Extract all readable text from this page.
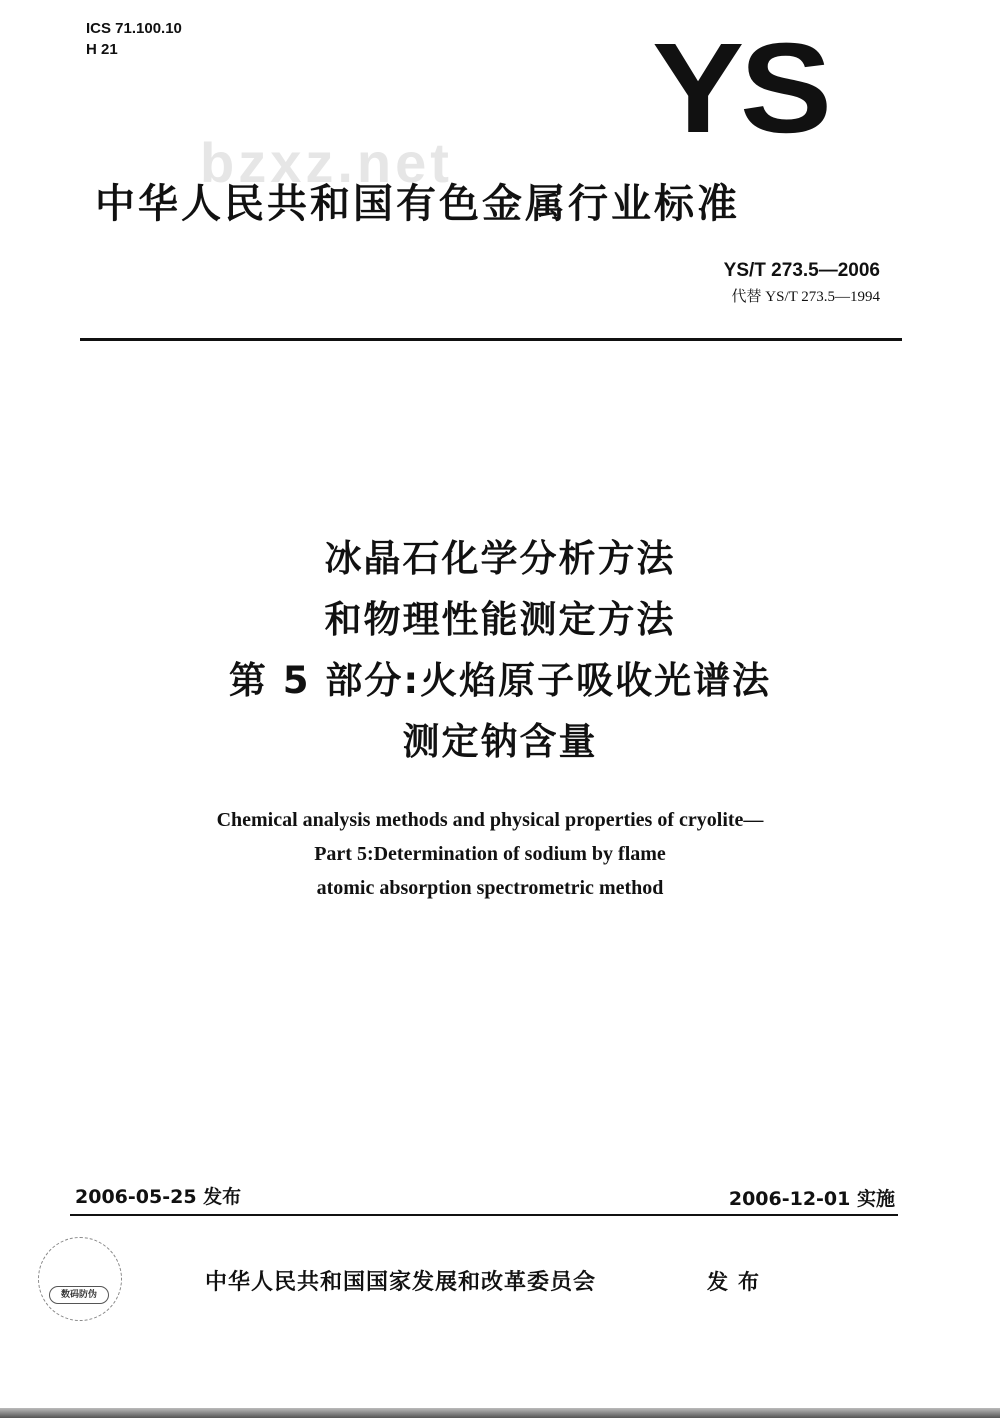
ICS 71.100.10
H 21	YS
bzxz.net
中华人民共和国有色金属行业标准
YS/T 273.5—2006
代替 YS/T 273.5—1994
冰晶石化学分析方法
和物理性能测定方法
第 5 部分:火焰原子吸收光谱法
测定钠含量
Chemical analysis methods and physical properties of cryolite—
Part 5:Determination of sodium by flame
atomic absorption spectrometric method
2006-05-25 发布	2006-12-01 实施
数码防伪	中华人民共和国国家发展和改革委员会	发布
